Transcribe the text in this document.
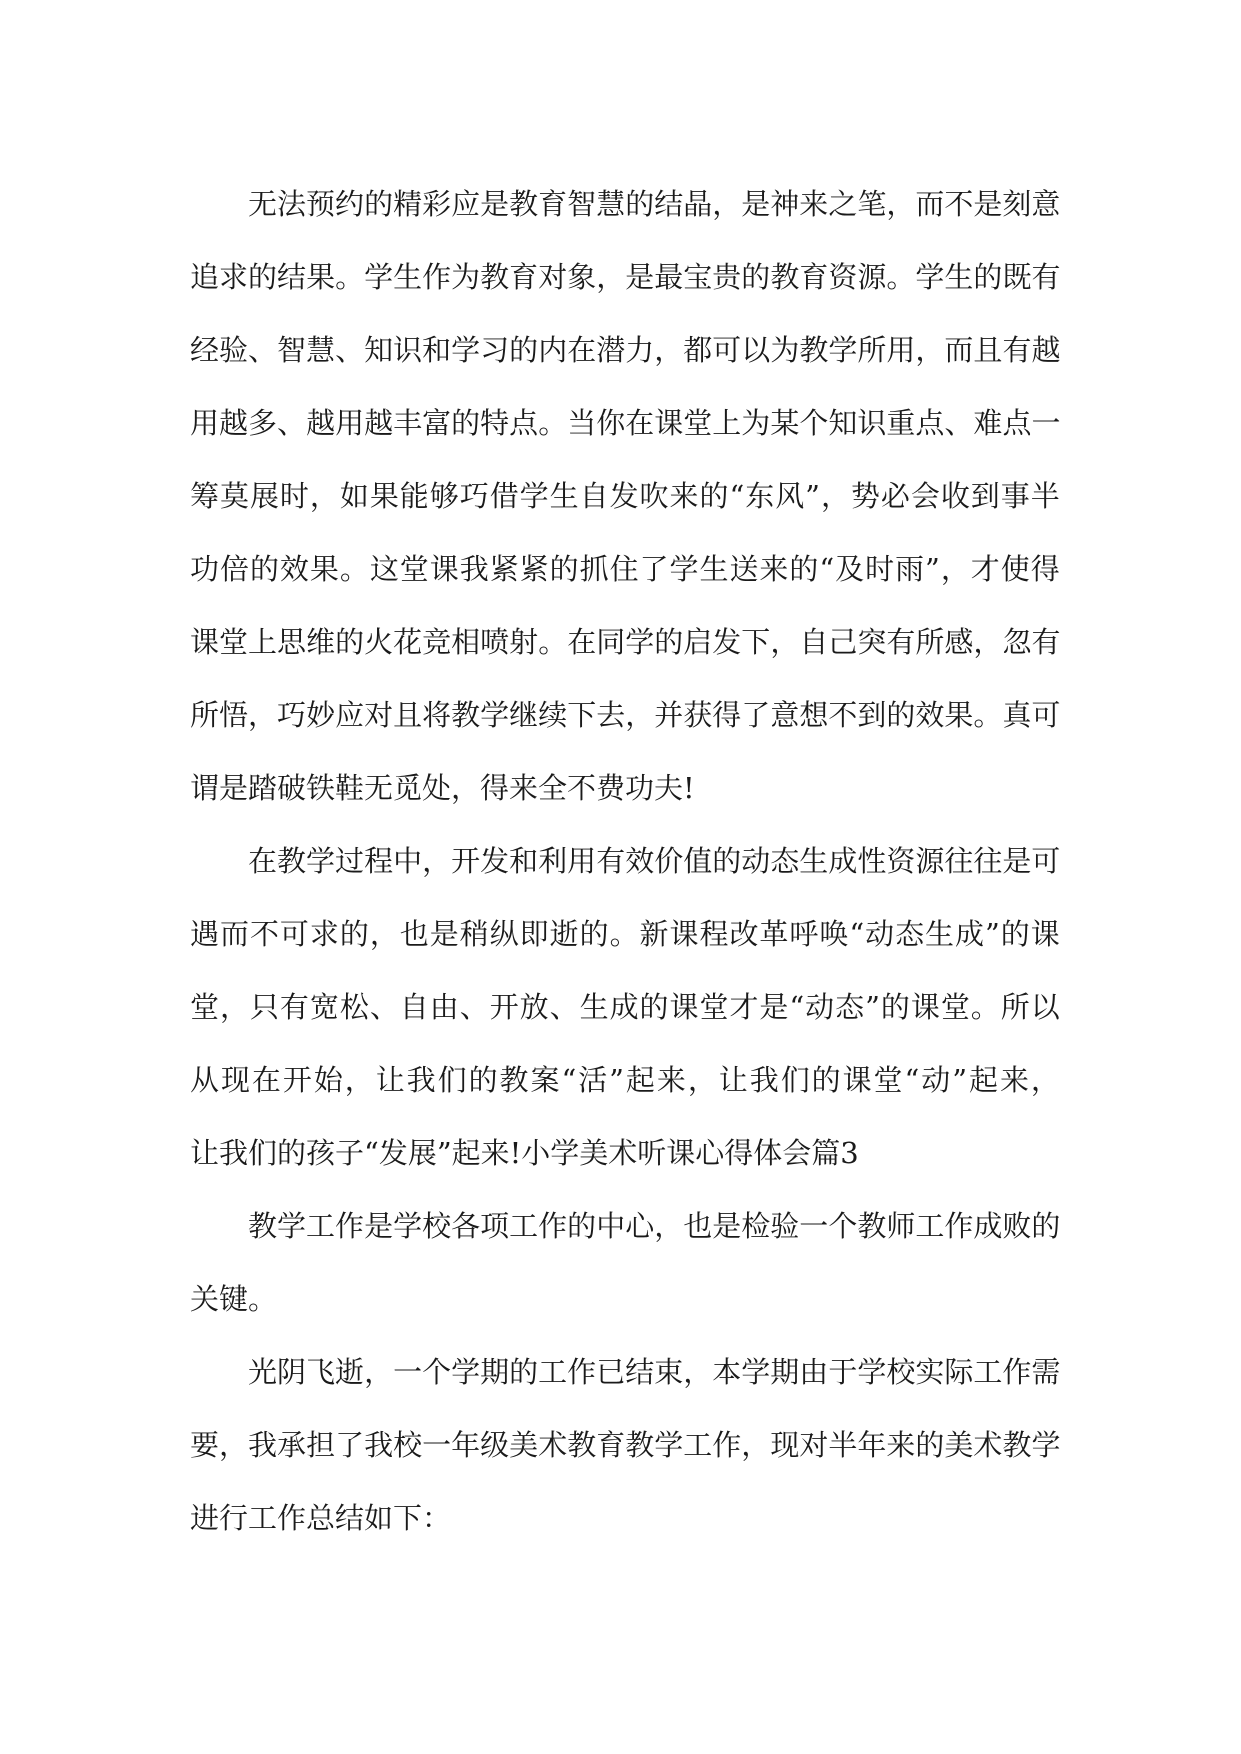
无 法 预 约 的 精 彩 应 是 教 育 智 慧 的 结 晶 ， 是 神 来 之 笔 ， 而 不 是 刻 意
追 求 的 结 果 。 学 生 作 为 教 育 对 象 ， 是 最 宝 贵 的 教 育 资 源 。 学 生 的 既 有
经 验 、 智 慧 、 知 识 和 学 习 的 内 在 潜 力 ， 都 可 以 为 教 学 所 用 ， 而 且 有 越
用 越 多 、 越 用 越 丰 富 的 特 点 。 当 你 在 课 堂 上 为 某 个 知 识 重 点 、 难 点 一
筹 莫 展 时 ， 如 果 能 够 巧 借 学 生 自 发 吹 来 的 “ 东 风 ” ， 势 必 会 收 到 事 半
功 倍 的 效 果 。 这 堂 课 我 紧 紧 的 抓 住 了 学 生 送 来 的 “ 及 时 雨 ” ， 才 使 得
课 堂 上 思 维 的 火 花 竞 相 喷 射 。 在 同 学 的 启 发 下 ， 自 己 突 有 所 感 ， 忽 有
所 悟 ， 巧 妙 应 对 且 将 教 学 继 续 下 去 ， 并 获 得 了 意 想 不 到 的 效 果 。 真 可
谓是踏破铁鞋无觅处，得来全不费功夫!
在 教 学 过 程 中 ， 开 发 和 利 用 有 效 价 值 的 动 态 生 成 性 资 源 往 往 是 可
遇 而 不 可 求 的 ， 也 是 稍 纵 即 逝 的 。 新 课 程 改 革 呼 唤 “ 动 态 生 成 ” 的 课
堂 ， 只 有 宽 松 、 自 由 、 开 放 、 生 成 的 课 堂 才 是 “ 动 态 ” 的 课 堂 。 所 以
从 现 在 开 始 ， 让 我 们 的 教 案 “ 活 ” 起 来 ， 让 我 们 的 课 堂 “ 动 ” 起 来 ，
让我们的孩子“发展”起来!小学美术听课心得体会篇3
教 学 工 作 是 学 校 各 项 工 作 的 中 心 ， 也 是 检 验 一 个 教 师 工 作 成 败 的
关键。
光 阴 飞 逝 ， 一 个 学 期 的 工 作 已 结 束 ， 本 学 期 由 于 学 校 实 际 工 作 需
要 ， 我 承 担 了 我 校 一 年 级 美 术 教 育 教 学 工 作 ， 现 对 半 年 来 的 美 术 教 学
进行工作总结如下：
